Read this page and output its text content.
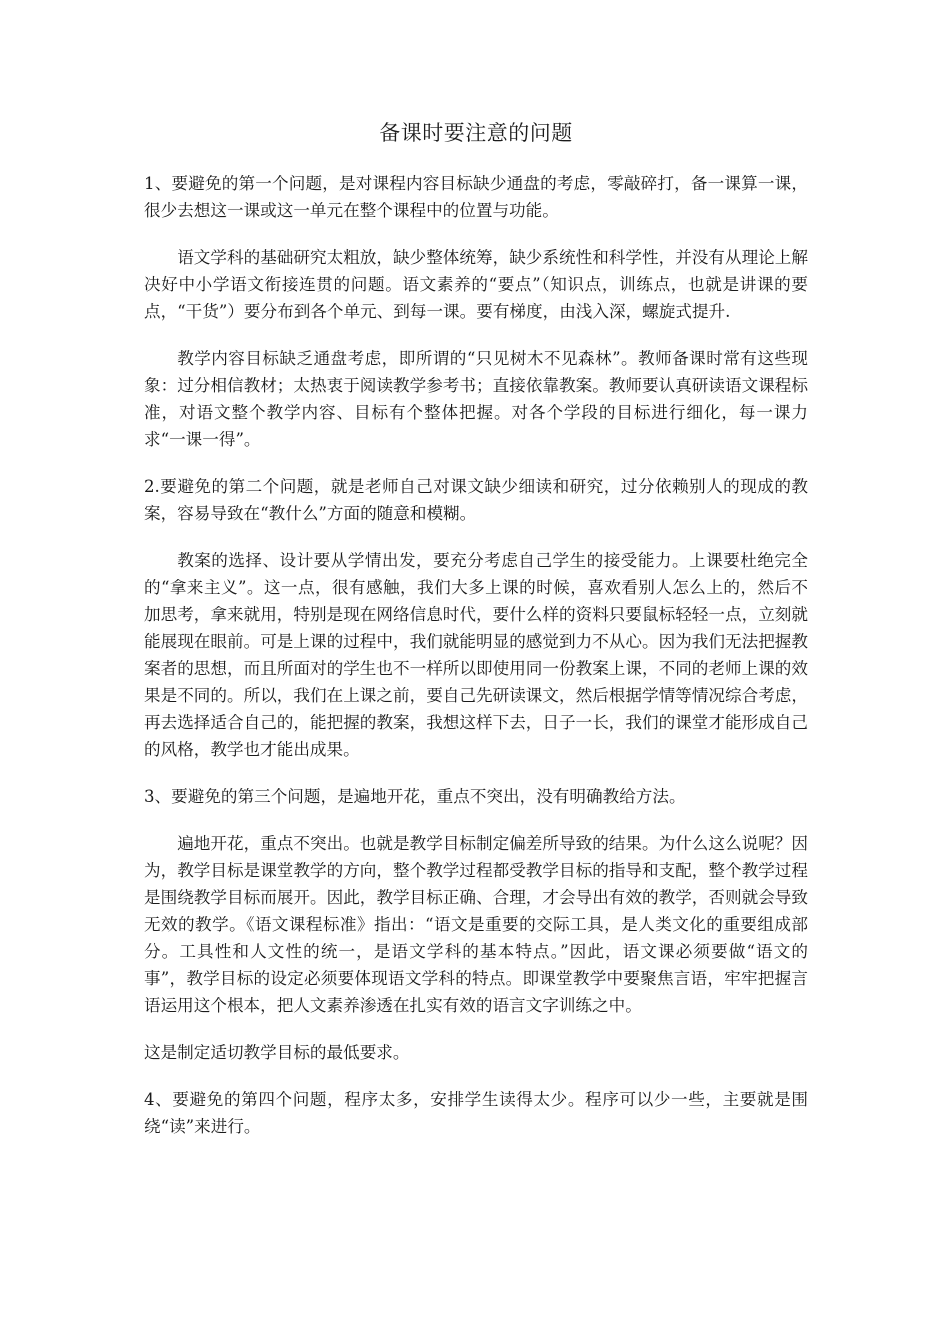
备课时要注意的问题

1、要避免的第一个问题，是对课程内容目标缺少通盘的考虑，零敲碎打，备一课算一课，很少去想这一课或这一单元在整个课程中的位置与功能。

语文学科的基础研究太粗放，缺少整体统筹，缺少系统性和科学性，并没有从理论上解决好中小学语文衔接连贯的问题。语文素养的“要点”（知识点，训练点，也就是讲课的要点，“干货”）要分布到各个单元、到每一课。要有梯度，由浅入深，螺旋式提升.

教学内容目标缺乏通盘考虑，即所谓的“只见树木不见森林”。教师备课时常有这些现象：过分相信教材；太热衷于阅读教学参考书；直接依靠教案。教师要认真研读语文课程标准，对语文整个教学内容、目标有个整体把握。对各个学段的目标进行细化，每一课力求“一课一得”。

2.要避免的第二个问题，就是老师自己对课文缺少细读和研究，过分依赖别人的现成的教案，容易导致在“教什么”方面的随意和模糊。

教案的选择、设计要从学情出发，要充分考虑自己学生的接受能力。上课要杜绝完全的“拿来主义”。这一点，很有感触，我们大多上课的时候，喜欢看别人怎么上的，然后不加思考，拿来就用，特别是现在网络信息时代，要什么样的资料只要鼠标轻轻一点，立刻就能展现在眼前。可是上课的过程中，我们就能明显的感觉到力不从心。因为我们无法把握教案者的思想，而且所面对的学生也不一样所以即使用同一份教案上课，不同的老师上课的效果是不同的。所以，我们在上课之前，要自己先研读课文，然后根据学情等情况综合考虑，再去选择适合自己的，能把握的教案，我想这样下去，日子一长，我们的课堂才能形成自己的风格，教学也才能出成果。

3、要避免的第三个问题，是遍地开花，重点不突出，没有明确教给方法。

遍地开花，重点不突出。也就是教学目标制定偏差所导致的结果。为什么这么说呢？因为，教学目标是课堂教学的方向，整个教学过程都受教学目标的指导和支配，整个教学过程是围绕教学目标而展开。因此，教学目标正确、合理，才会导出有效的教学，否则就会导致无效的教学。《语文课程标准》指出：“语文是重要的交际工具，是人类文化的重要组成部分。工具性和人文性的统一，是语文学科的基本特点。”因此，语文课必须要做“语文的事”，教学目标的设定必须要体现语文学科的特点。即课堂教学中要聚焦言语，牢牢把握言语运用这个根本，把人文素养渗透在扎实有效的语言文字训练之中。

这是制定适切教学目标的最低要求。

4、要避免的第四个问题，程序太多，安排学生读得太少。程序可以少一些，主要就是围绕“读”来进行。
